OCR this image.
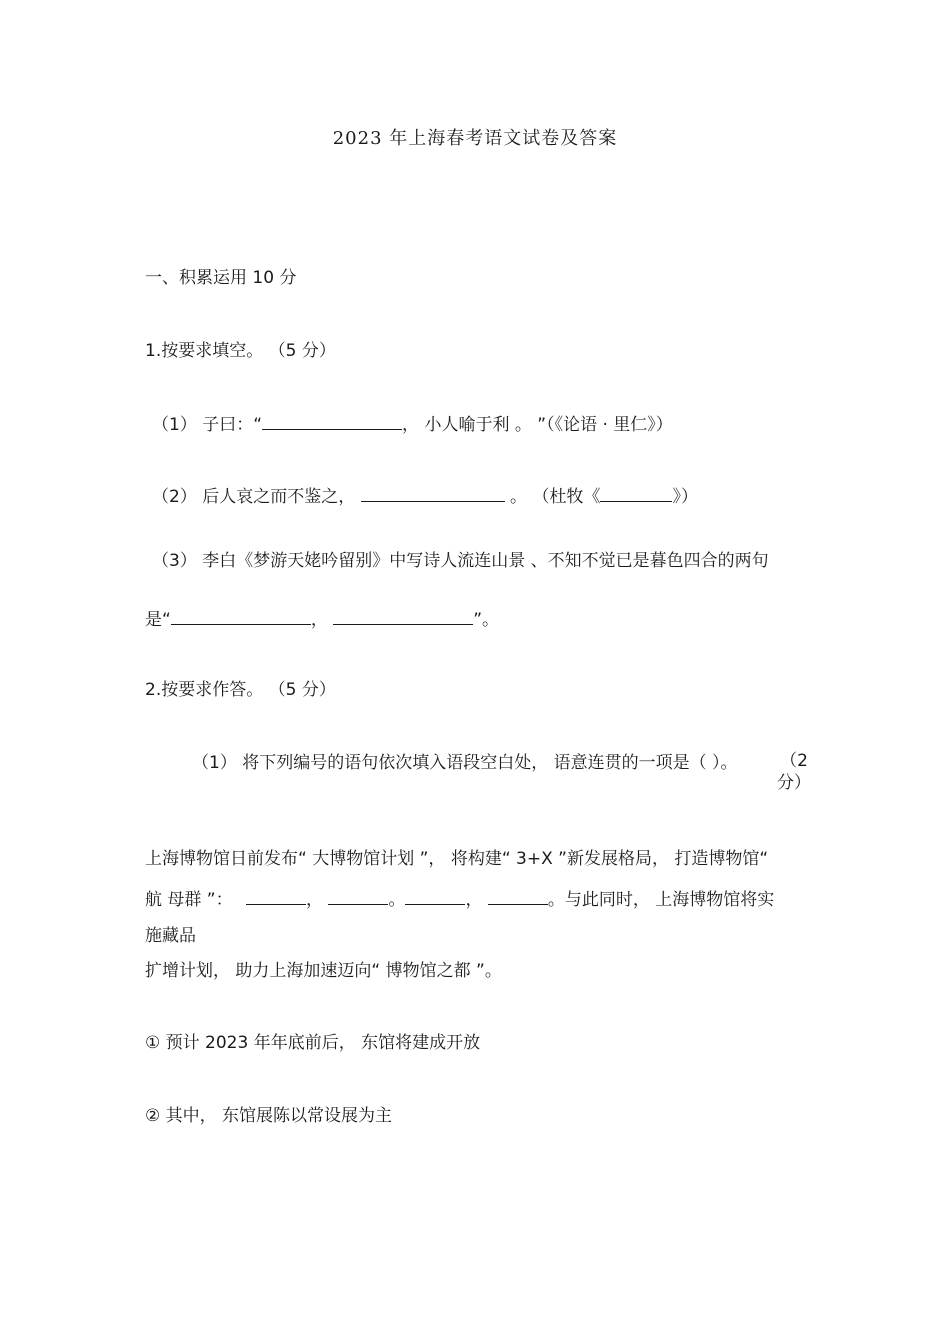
2023 年上海春考语文试卷及答案
一、积累运用 10 分
1.按要求填空。 （5 分）
（1） 子曰：“	， 小人喻于利 。 ”（《论语 · 里仁》）
（2） 后人哀之而不鉴之，	。 （杜牧《	》）
（3） 李白《梦游天姥吟留别》中写诗人流连山景 、不知不觉已是暮色四合的两句
是“	，	”。
2.按要求作答。 （5 分）
（1） 将下列编号的语句依次填入语段空白处， 语意连贯的一项是（ ）。	（2 分）
上海博物馆日前发布“ 大博物馆计划 ”， 将构建“ 3+X ”新发展格局， 打造博物馆“
航 母群 ”：	，	。	，	。与此同时， 上海博物馆将实
施藏品
扩增计划， 助力上海加速迈向“ 博物馆之都 ”。
① 预计 2023 年年底前后， 东馆将建成开放
② 其中， 东馆展陈以常设展为主
